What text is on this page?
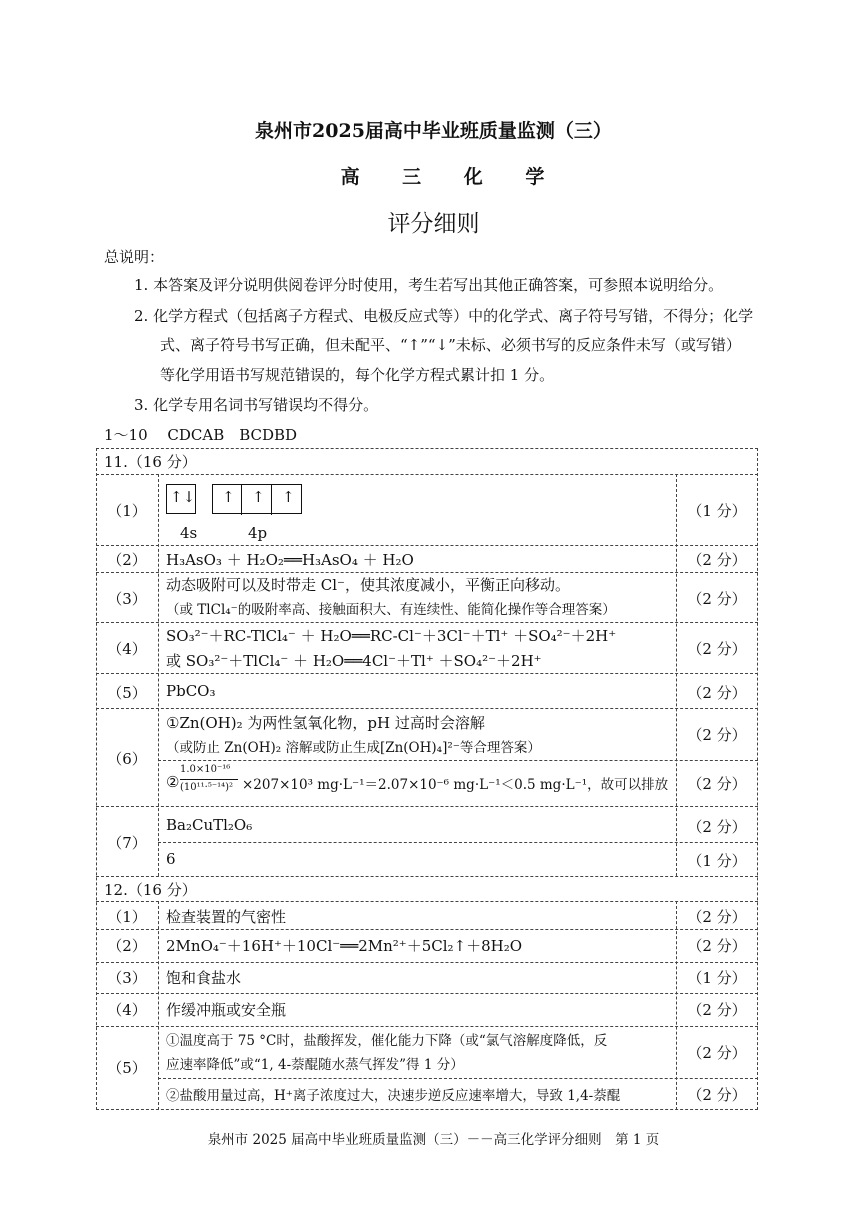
泉州市2025届高中毕业班质量监测（三）
高 三 化 学
评分细则
总说明：
1. 本答案及评分说明供阅卷评分时使用，考生若写出其他正确答案，可参照本说明给分。
2. 化学方程式（包括离子方程式、电极反应式等）中的化学式、离子符号写错，不得分；化学
式、离子符号书写正确，但未配平、“↑”“↓”未标、必须书写的反应条件未写（或写错）
等化学用语书写规范错误的，每个化学方程式累计扣 1 分。
3. 化学专用名词书写错误均不得分。
1～10　 CDCAB　BCDBD
11.（16 分）
（1）
↑↓ ↑ ↑ ↑
4s	4p
（1 分）
（2）	H₃AsO₃ ＋ H₂O₂══H₃AsO₄ ＋ H₂O	（2 分）
（3）
动态吸附可以及时带走 Cl⁻，使其浓度减小，平衡正向移动。
（或 TlCl₄⁻的吸附率高、接触面积大、有连续性、能简化操作等合理答案）
（2 分）
（4）
SO₃²⁻＋RC-TlCl₄⁻ ＋ H₂O══RC-Cl⁻＋3Cl⁻＋Tl⁺ ＋SO₄²⁻＋2H⁺
或 SO₃²⁻＋TlCl₄⁻ ＋ H₂O══4Cl⁻＋Tl⁺ ＋SO₄²⁻＋2H⁺
（2 分）
（5）	PbCO₃	（2 分）
（6）
①Zn(OH)₂ 为两性氢氧化物，pH 过高时会溶解
（或防止 Zn(OH)₂ 溶解或防止生成[Zn(OH)₄]²⁻等合理答案）
（2 分）
②
1.0×10⁻¹⁶
(10¹¹·⁵⁻¹⁴)² ×207×10³ mg·L⁻¹＝2.07×10⁻⁶ mg·L⁻¹＜0.5 mg·L⁻¹，故可以排放	（2 分）
（7）
Ba₂CuTl₂O₆	（2 分）
6	（1 分）
12.（16 分）
（1）	检查装置的气密性	（2 分）
（2）	2MnO₄⁻＋16H⁺＋10Cl⁻══2Mn²⁺＋5Cl₂↑＋8H₂O	（2 分）
（3）	饱和食盐水	（1 分）
（4）	作缓冲瓶或安全瓶	（2 分）
（5）
①温度高于 75 °C时，盐酸挥发，催化能力下降（或“氯气溶解度降低，反
应速率降低”或“1, 4-萘醌随水蒸气挥发”得 1 分）
（2 分）
②盐酸用量过高，H⁺离子浓度过大，决速步逆反应速率增大，导致 1,4-萘醌	（2 分）
泉州市 2025 届高中毕业班质量监测（三）－－高三化学评分细则　第 1 页
